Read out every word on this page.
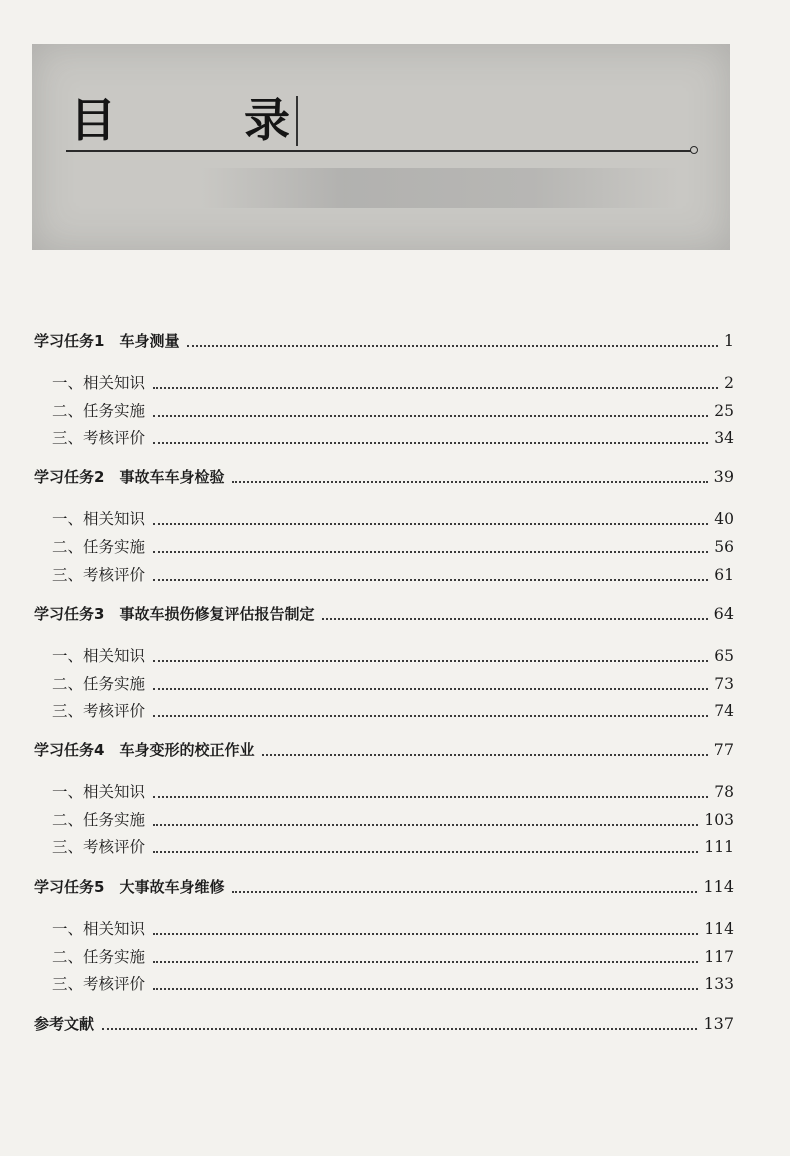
目	录
学习任务1　车身测量	1
一、相关知识	2
二、任务实施	25
三、考核评价	34
学习任务2　事故车车身检验	39
一、相关知识	40
二、任务实施	56
三、考核评价	61
学习任务3　事故车损伤修复评估报告制定	64
一、相关知识	65
二、任务实施	73
三、考核评价	74
学习任务4　车身变形的校正作业	77
一、相关知识	78
二、任务实施	103
三、考核评价	111
学习任务5　大事故车身维修	114
一、相关知识	114
二、任务实施	117
三、考核评价	133
参考文献	137
